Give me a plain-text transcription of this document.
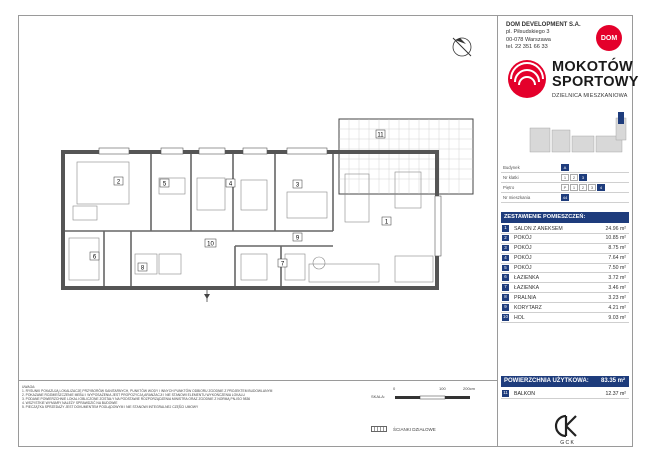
11
1
2	3
4
5
6
7
8
9
10
UWAGA:
1. RYSUNKI POKAZUJĄ LOKALIZACJĘ PRZYBORÓW SANITARNYCH, PUNKTÓW WODY I INNYCH PUNKTÓW ODBIORU ZGODNIE Z PROJEKTEM BUDOWLANYM
2. POKAZANE ROZMIESZCZENIE MEBLI I WYPOSAŻENIA JEST PROPOZYCJĄ ARANŻACJI I NIE STANOWI ELEMENTU WYKOŃCZENIA LOKALU
3. PODANE POWIERZCHNIE LOKALI OBLICZONE ZOSTAŁY NA PODSTAWIE ROZPORZĄDZENIA MINISTRA ORAZ ZGODNIE Z NORMĄ PN-ISO 9836
4. WSZYSTKIE WYMIARY NALEŻY SPRAWDZIĆ NA BUDOWIE
5. PIECZĄTKA SPRZEDAŻY JEST DOKUMENTEM POGLĄDOWYM I NIE STANOWI INTEGRALNEJ CZĘŚCI UMOWY
SKALA:
0	100	200cm
ŚCIANKI DZIAŁOWE
DOM DEVELOPMENT S.A.
pl. Piłsudskiego 3
00-078 Warszawa
tel. 22 351 66 33
DOM
MOKOTÓW
SPORTOWY
DZIELNICA MIESZKANIOWA
Budynek	A
Nr klatki	1	2	3
Piętro	P	1	2	3	4
Nr mieszkania	44
ZESTAWIENIE POMIESZCZEŃ:
1	SALON Z ANEKSEM	24.96 m²
2	POKÓJ	10.85 m²
3	POKÓJ	8.75 m²
4	POKÓJ	7.64 m²
5	POKÓJ	7.50 m²
6	ŁAZIENKA	3.72 m²
7	ŁAZIENKA	3.46 m²
8	PRALNIA	3.23 m²
9	KORYTARZ	4.21 m²
10 HOL	9.03 m²
POWIERZCHNIA UŻYTKOWA: 83.35 m²
11 BALKON	12.37 m²
G C K
